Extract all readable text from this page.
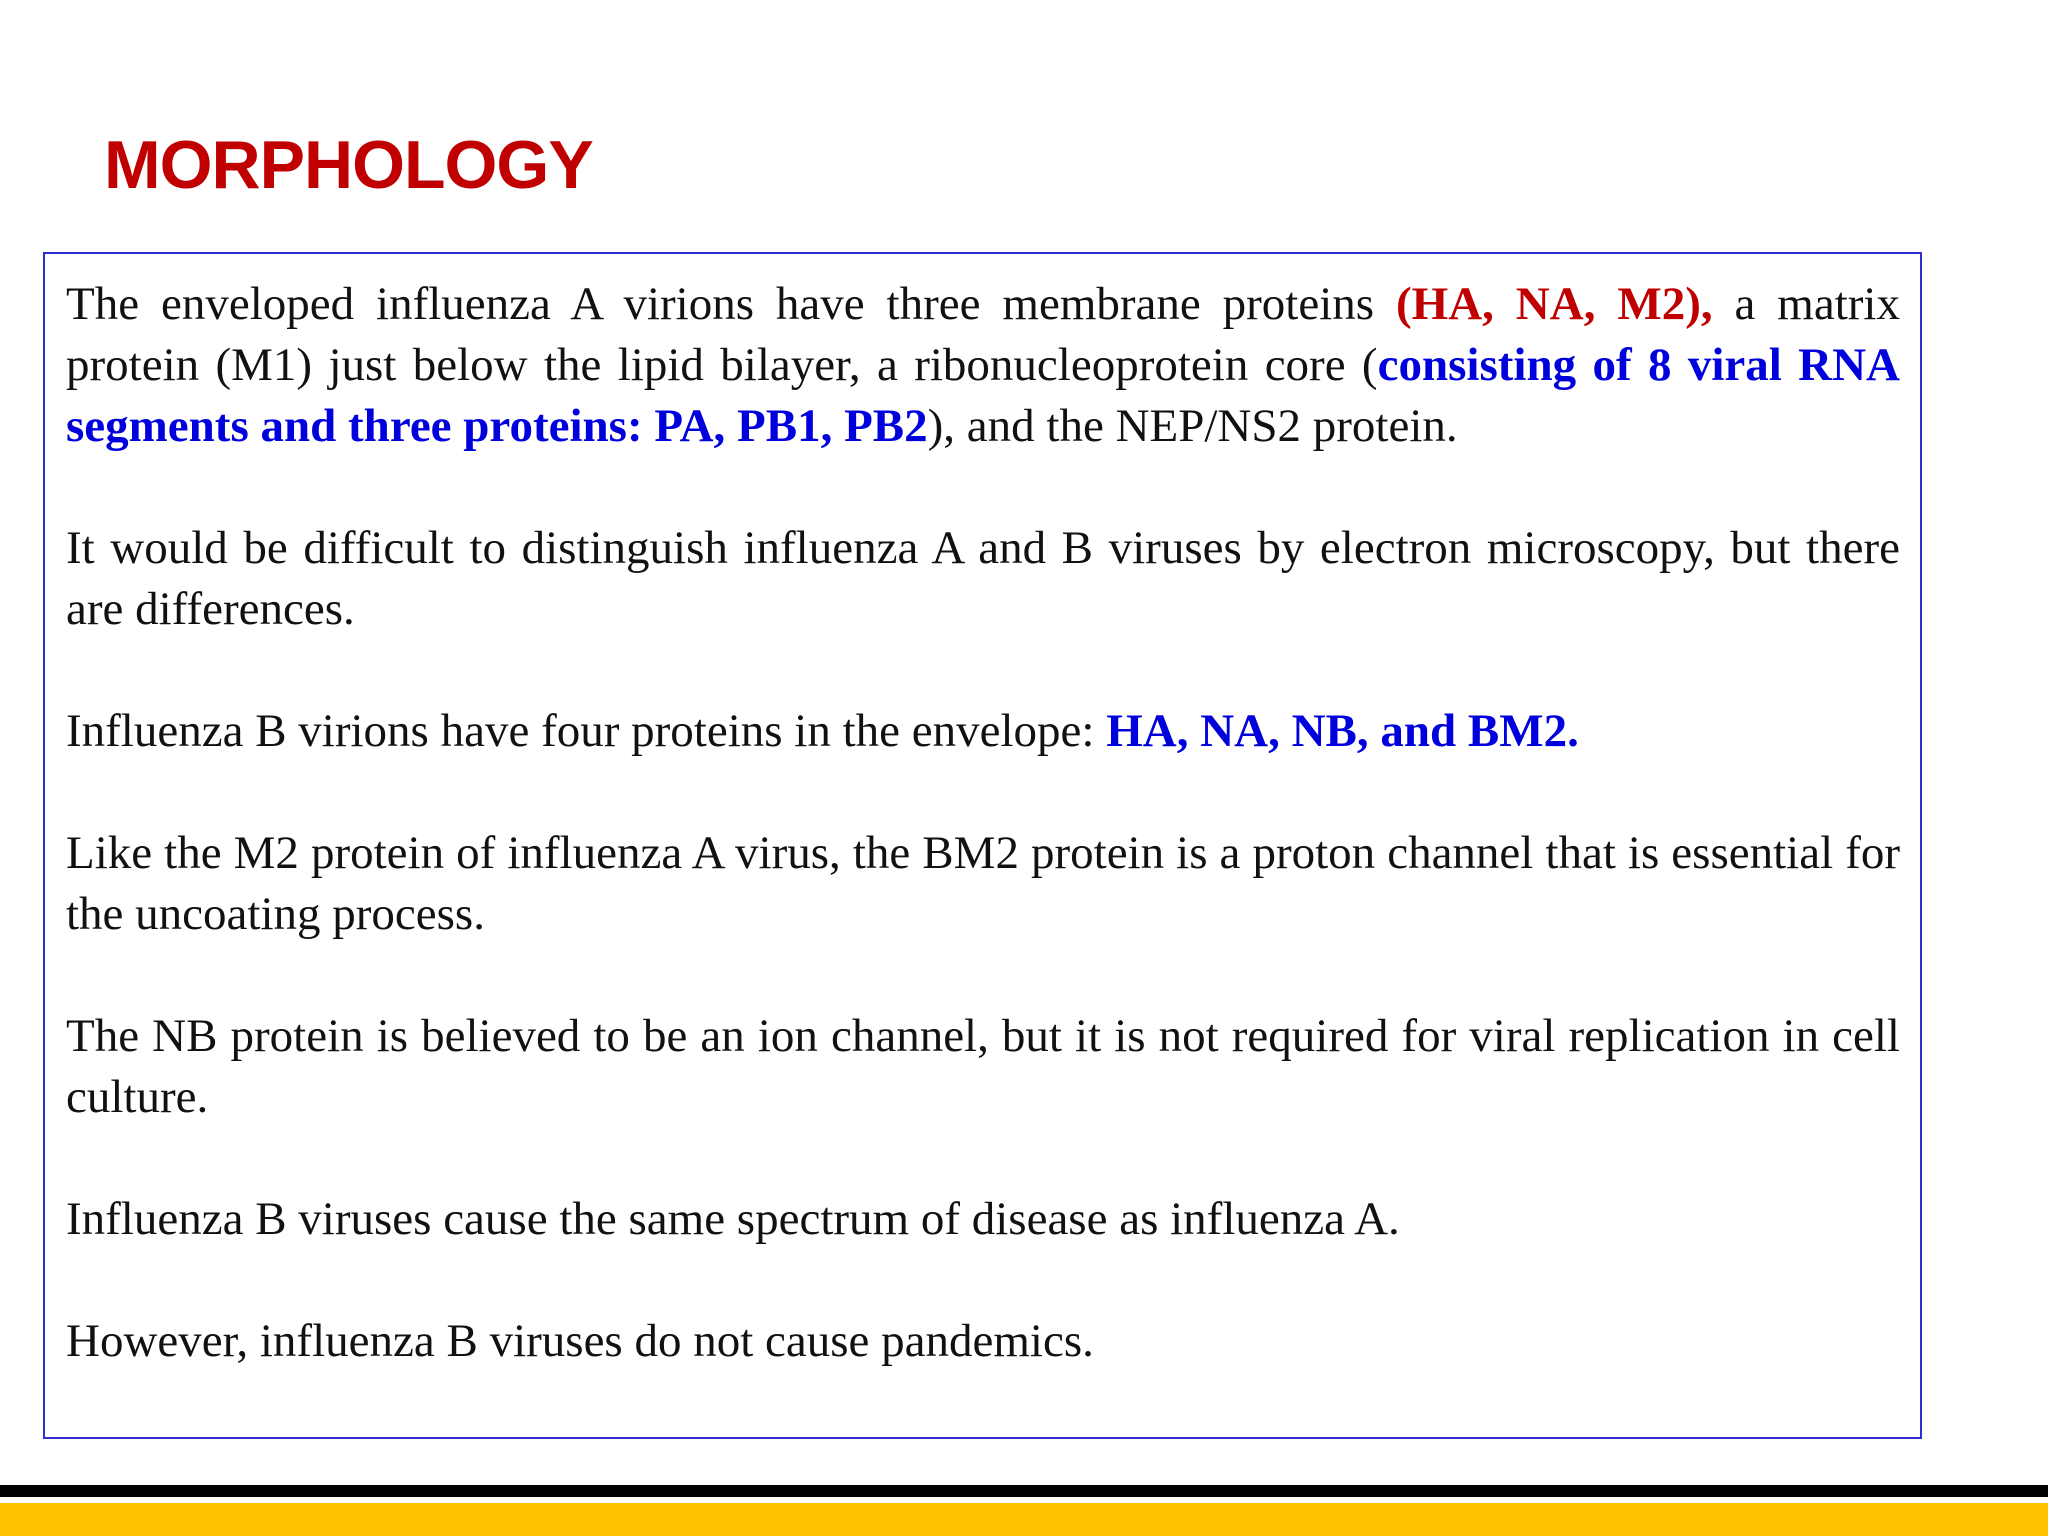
MORPHOLOGY

The enveloped influenza A virions have three membrane proteins (HA, NA, M2), a matrix protein (M1) just below the lipid bilayer, a ribonucleoprotein core (consisting of 8 viral RNA segments and three proteins: PA, PB1, PB2), and the NEP/NS2 protein.

It would be difficult to distinguish influenza A and B viruses by electron microscopy, but there are differences.

Influenza B virions have four proteins in the envelope: HA, NA, NB, and BM2.

Like the M2 protein of influenza A virus, the BM2 protein is a proton channel that is essential for the uncoating process.

The NB protein is believed to be an ion channel, but it is not required for viral replication in cell culture.

Influenza B viruses cause the same spectrum of disease as influenza A.

However, influenza B viruses do not cause pandemics.
